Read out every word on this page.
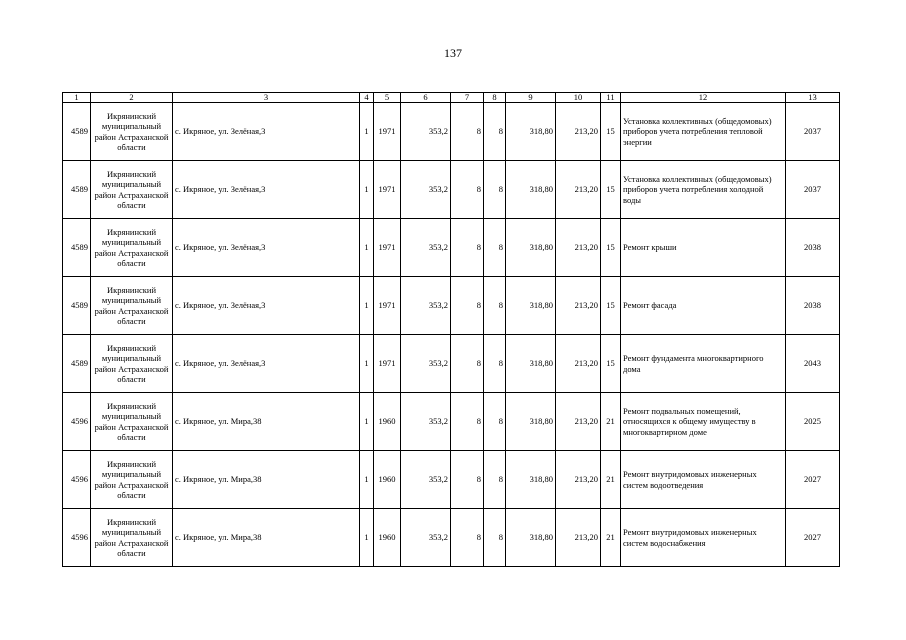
137
1	2	3	4	5	6	7	8	9	10	11	12	13
4589	Икрянинский муниципальный район Астраханской области	с. Икряное, ул. Зелёная,3	1	1971	353,2	8	8	318,80	213,20	15	Установка коллективных (общедомовых) приборов учета потребления тепловой энергии	2037
4589	Икрянинский муниципальный район Астраханской области	с. Икряное, ул. Зелёная,3	1	1971	353,2	8	8	318,80	213,20	15	Установка коллективных (общедомовых) приборов учета потребления холодной воды	2037
4589	Икрянинский муниципальный район Астраханской области	с. Икряное, ул. Зелёная,3	1	1971	353,2	8	8	318,80	213,20	15	Ремонт крыши	2038
4589	Икрянинский муниципальный район Астраханской области	с. Икряное, ул. Зелёная,3	1	1971	353,2	8	8	318,80	213,20	15	Ремонт фасада	2038
4589	Икрянинский муниципальный район Астраханской области	с. Икряное, ул. Зелёная,3	1	1971	353,2	8	8	318,80	213,20	15	Ремонт фундамента многоквартирного дома	2043
4596	Икрянинский муниципальный район Астраханской области	с. Икряное, ул. Мира,38	1	1960	353,2	8	8	318,80	213,20	21	Ремонт подвальных помещений, относящихся к общему имуществу в многоквартирном доме	2025
4596	Икрянинский муниципальный район Астраханской области	с. Икряное, ул. Мира,38	1	1960	353,2	8	8	318,80	213,20	21	Ремонт внутридомовых инженерных систем водоотведения	2027
4596	Икрянинский муниципальный район Астраханской области	с. Икряное, ул. Мира,38	1	1960	353,2	8	8	318,80	213,20	21	Ремонт внутридомовых инженерных систем водоснабжения	2027
